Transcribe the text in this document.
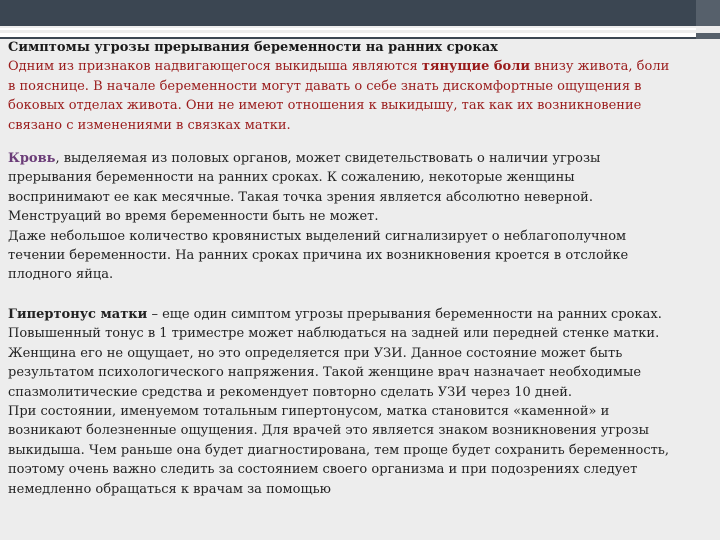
Симптомы угрозы прерывания беременности на ранних сроках

Одним из признаков надвигающегося выкидыша являются тянущие боли внизу живота, боли в пояснице. В начале беременности могут давать о себе знать дискомфортные ощущения в боковых отделах живота. Они не имеют отношения к выкидышу, так как их возникновение связано с изменениями в связках матки.

Кровь, выделяемая из половых органов, может свидетельствовать о наличии угрозы прерывания беременности на ранних сроках. К сожалению, некоторые женщины воспринимают ее как месячные. Такая точка зрения является абсолютно неверной. Менструаций во время беременности быть не может.

Даже небольшое количество кровянистых выделений сигнализирует о неблагополучном течении беременности. На ранних сроках причина их возникновения кроется в отслойке плодного яйца.

Гипертонус матки – еще один симптом угрозы прерывания беременности на ранних сроках. Повышенный тонус в 1 триместре может наблюдаться на задней или передней стенке матки. Женщина его не ощущает, но это определяется при УЗИ. Данное состояние может быть результатом психологического напряжения. Такой женщине врач назначает необходимые спазмолитические средства и рекомендует повторно сделать УЗИ через 10 дней.

При состоянии, именуемом тотальным гипертонусом, матка становится «каменной» и возникают болезненные ощущения. Для врачей это является знаком возникновения угрозы выкидыша. Чем раньше она будет диагностирована, тем проще будет сохранить беременность, поэтому очень важно следить за состоянием своего организма и при подозрениях следует немедленно обращаться к врачам за помощью
